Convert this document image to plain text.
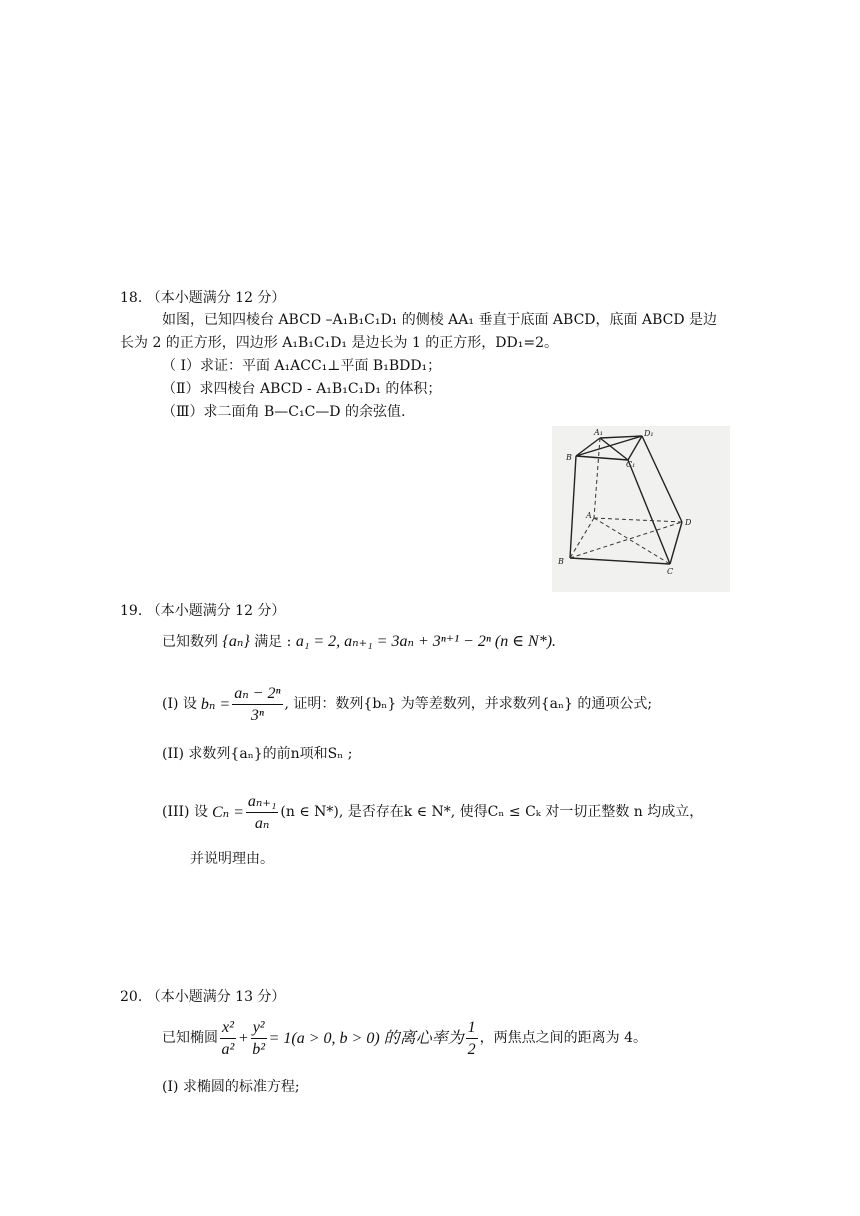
18. （本小题满分 12 分）
如图，已知四棱台 ABCD –A₁B₁C₁D₁ 的侧棱 AA₁ 垂直于底面 ABCD，底面 ABCD 是边
长为 2 的正方形，四边形 A₁B₁C₁D₁ 是边长为 1 的正方形，DD₁=2。
（ I）求证：平面 A₁ACC₁⊥平面 B₁BDD₁；
（Ⅱ）求四棱台 ABCD - A₁B₁C₁D₁ 的体积；
（Ⅲ）求二面角 B—C₁C—D 的余弦值.
A₁	D₁
B
C₁
A
D
B
C
19. （本小题满分 12 分）
已知数列 {aₙ} 满足 : a₁ = 2, aₙ₊₁ = 3aₙ + 3ⁿ⁺¹ − 2ⁿ (n ∈ N*).
(I) 设 $b_n = \frac{\text{aₙ − 2ⁿ}}{\text{3ⁿ}}$ , 证明：数列{bₙ} 为等差数列，并求数列{aₙ} 的通项公式;
(II) 求数列{aₙ}的前n项和Sₙ ;
(III) 设 $C_n = \frac{\text{aₙ₊₁}}{\text{aₙ}} (n$ ∈ N*), 是否存在k ∈ N*, 使得Cₙ ≤ Cₖ 对一切正整数 n 均成立，
并说明理由。
20. （本小题满分 13 分）
已知椭圆 $\frac{\text{x²}}{\text{a²}} + \frac{\text{y²}}{\text{b²}} = 1(a > 0$, b > 0) 的离心率为 $\frac{1}{2}$ ，两焦点之间的距离为 4。
(I) 求椭圆的标准方程;
